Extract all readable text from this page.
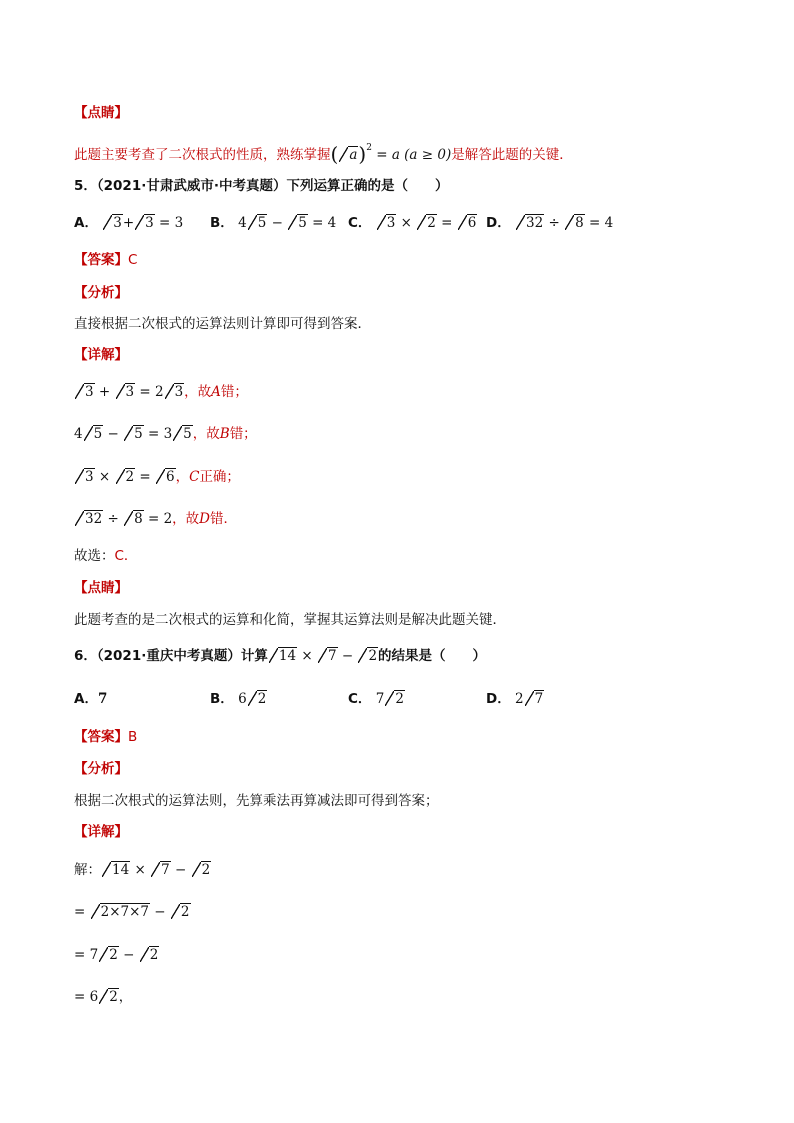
【点睛】
此题主要考查了二次根式的性质，熟练掌握( a)$^2$ = a (a ≥ 0)是解答此题的关键．
5．（2021·甘肃武威市·中考真题）下列运算正确的是（　　）
A． 3+ 3 = 3 B． 4 5 − 5 = 4 C． 3 × 2 = 6 D． 32 ÷ 8 = 4
【答案】C
【分析】
直接根据二次根式的运算法则计算即可得到答案．
【详解】
3 + 3 = 2 3，故A错；
4 5 − 5 = 3 5，故B错；
3 × 2 = 6，C正确；
32 ÷ 8 = 2，故D错．
故选：C．
【点睛】
此题考查的是二次根式的运算和化简，掌握其运算法则是解决此题关键．
6．（2021·重庆中考真题）计算 14 × 7 − 2的结果是（　　）
A．7	B． 6 2	C． 7 2	D． 2 7
【答案】B
【分析】
根据二次根式的运算法则，先算乘法再算减法即可得到答案；
【详解】
解： 14 × 7 − 2
= 2×7×7 − 2
= 7 2 − 2
= 6 2，
